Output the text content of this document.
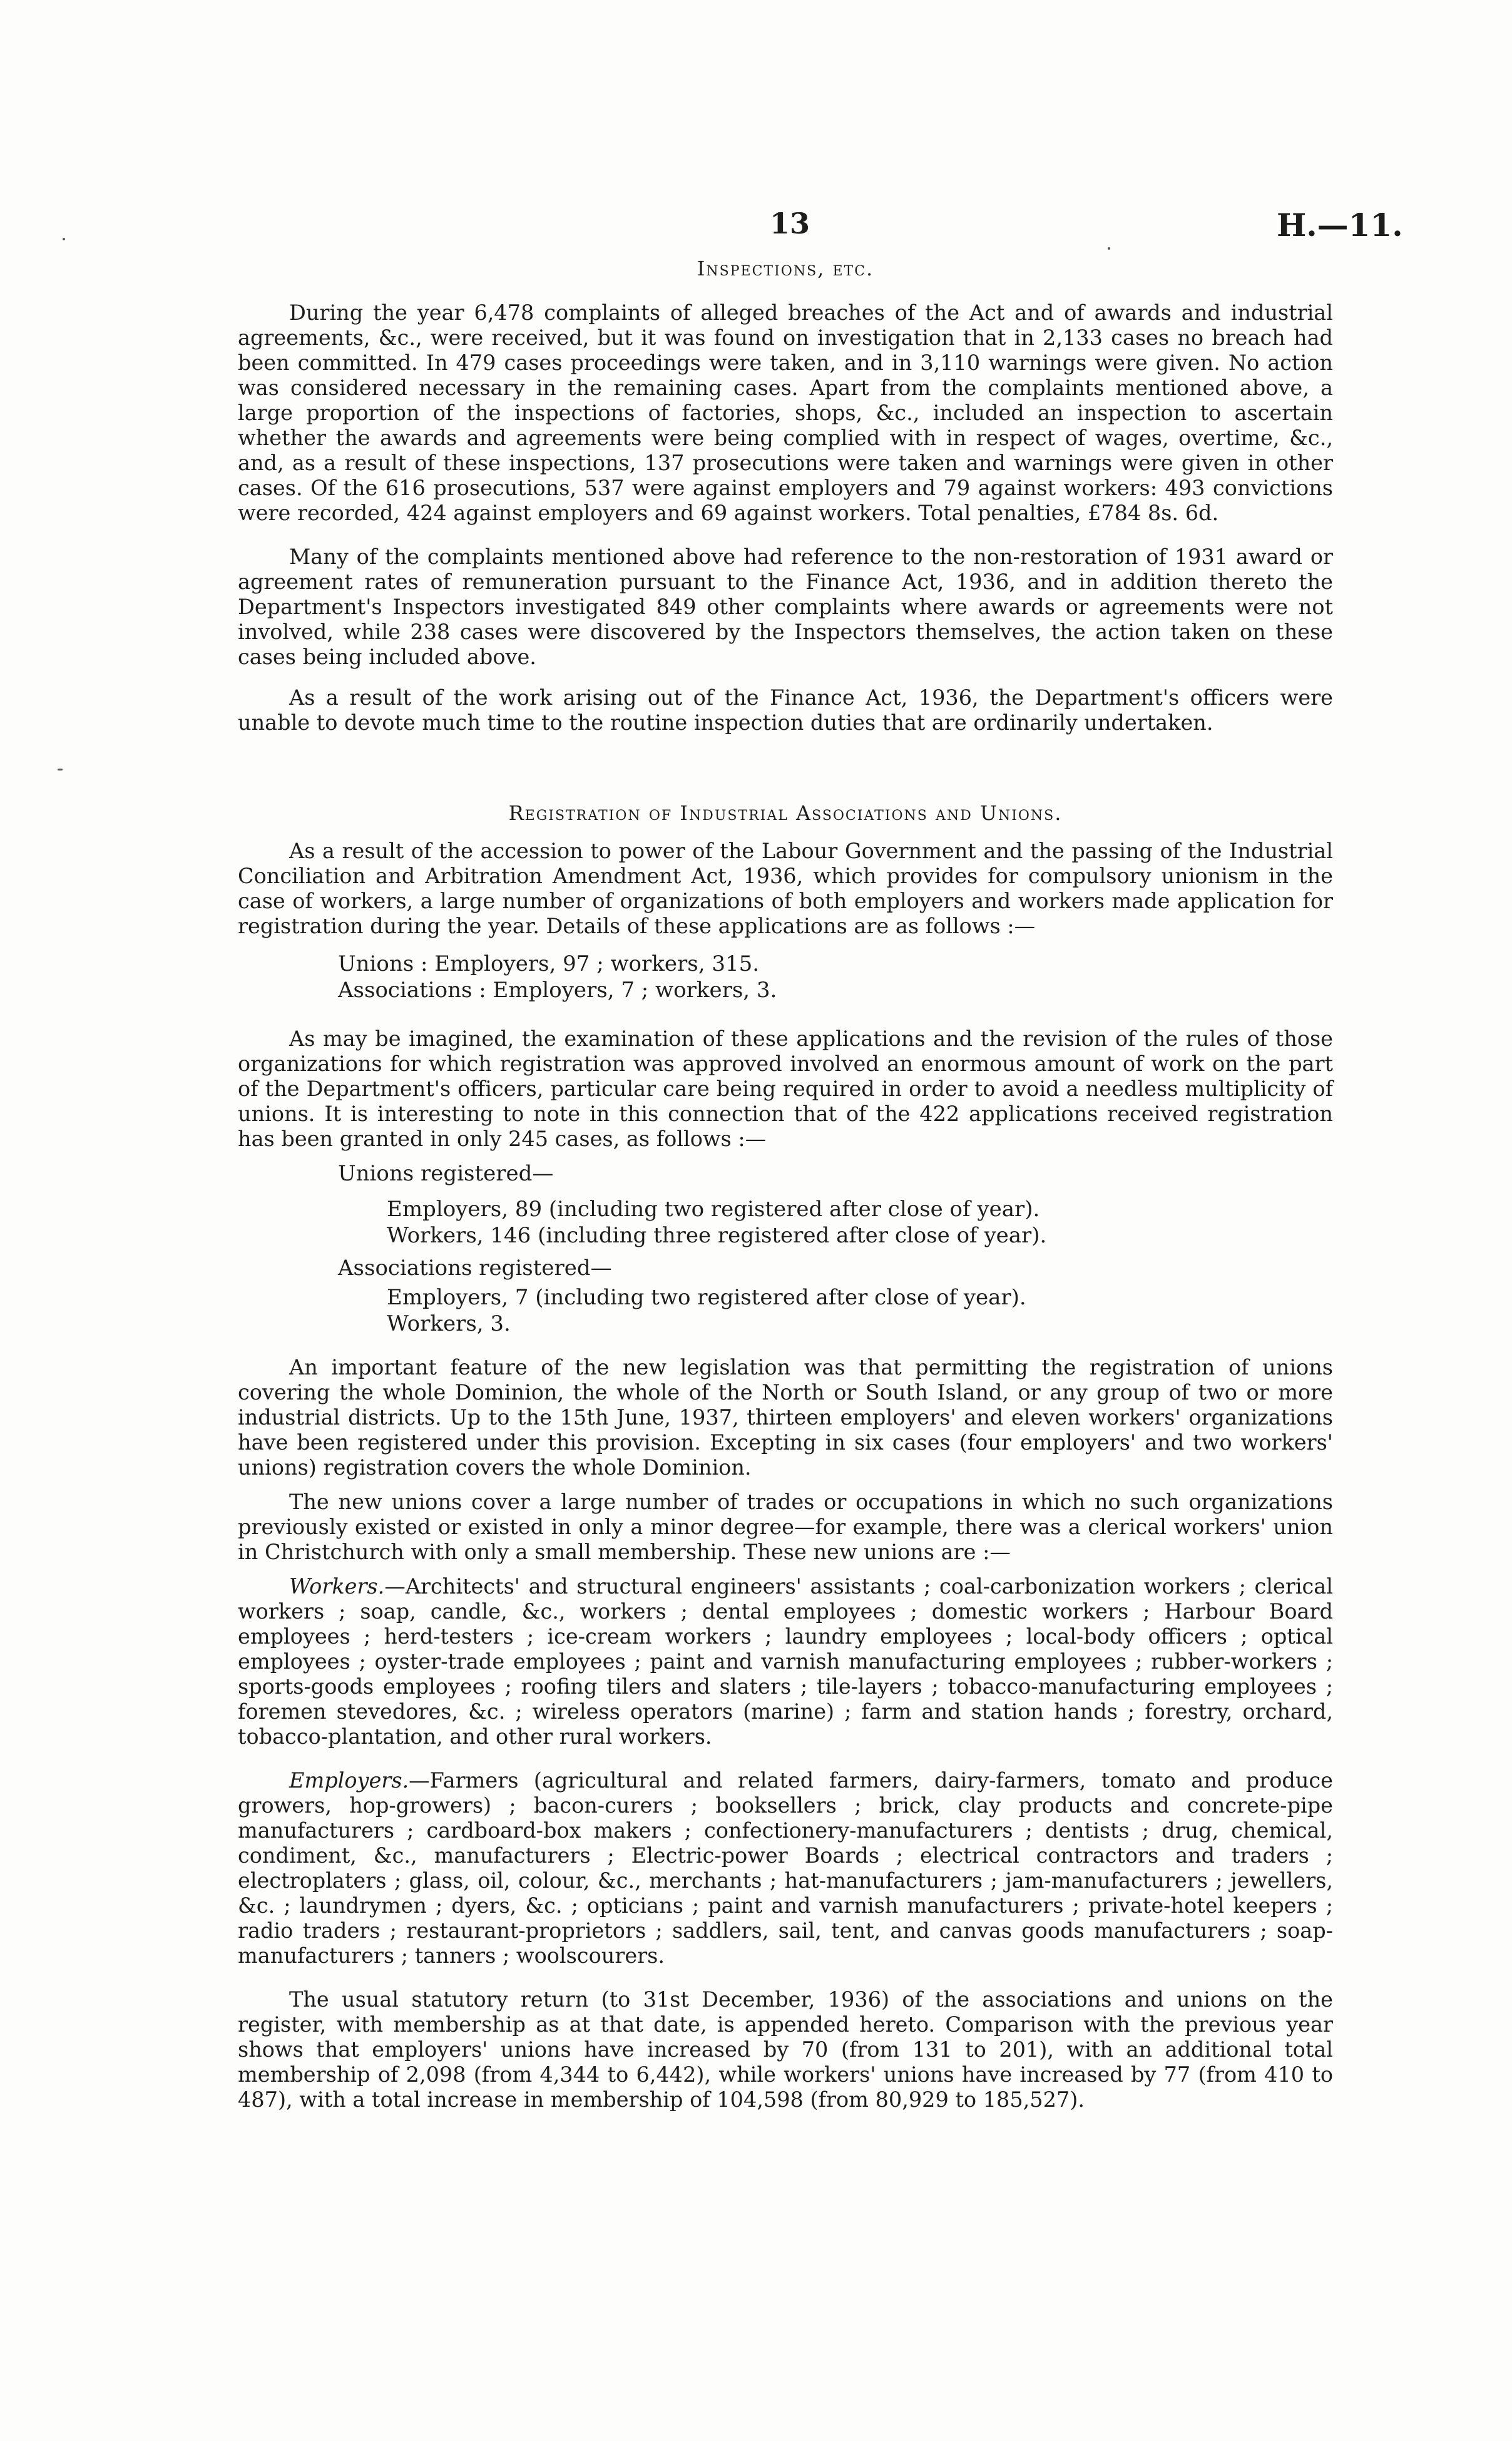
13	H.—11.
Inspections, etc.

During the year 6,478 complaints of alleged breaches of the Act and of awards and industrial agreements, &c., were received, but it was found on investigation that in 2,133 cases no breach had been committed. In 479 cases proceedings were taken, and in 3,110 warnings were given. No action was considered necessary in the remaining cases. Apart from the complaints mentioned above, a large proportion of the inspections of factories, shops, &c., included an inspection to ascertain whether the awards and agreements were being complied with in respect of wages, overtime, &c., and, as a result of these inspections, 137 prosecutions were taken and warnings were given in other cases. Of the 616 prosecutions, 537 were against employers and 79 against workers: 493 convictions were recorded, 424 against employers and 69 against workers. Total penalties, £784 8s. 6d.

Many of the complaints mentioned above had reference to the non-restoration of 1931 award or agreement rates of remuneration pursuant to the Finance Act, 1936, and in addition thereto the Department's Inspectors investigated 849 other complaints where awards or agreements were not involved, while 238 cases were discovered by the Inspectors themselves, the action taken on these cases being included above.

As a result of the work arising out of the Finance Act, 1936, the Department's officers were unable to devote much time to the routine inspection duties that are ordinarily undertaken.

Registration of Industrial Associations and Unions.

As a result of the accession to power of the Labour Government and the passing of the Industrial Conciliation and Arbitration Amendment Act, 1936, which provides for compulsory unionism in the case of workers, a large number of organizations of both employers and workers made application for registration during the year. Details of these applications are as follows :—

Unions : Employers, 97 ; workers, 315.

Associations : Employers, 7 ; workers, 3.

As may be imagined, the examination of these applications and the revision of the rules of those organizations for which registration was approved involved an enormous amount of work on the part of the Department's officers, particular care being required in order to avoid a needless multiplicity of unions. It is interesting to note in this connection that of the 422 applications received registration has been granted in only 245 cases, as follows :—

Unions registered—

Employers, 89 (including two registered after close of year).

Workers, 146 (including three registered after close of year).

Associations registered—

Employers, 7 (including two registered after close of year).

Workers, 3.

An important feature of the new legislation was that permitting the registration of unions covering the whole Dominion, the whole of the North or South Island, or any group of two or more industrial districts. Up to the 15th June, 1937, thirteen employers' and eleven workers' organizations have been registered under this provision. Excepting in six cases (four employers' and two workers' unions) registration covers the whole Dominion.

The new unions cover a large number of trades or occupations in which no such organizations previously existed or existed in only a minor degree—for example, there was a clerical workers' union in Christchurch with only a small membership. These new unions are :—

Workers.—Architects' and structural engineers' assistants ; coal-carbonization workers ; clerical workers ; soap, candle, &c., workers ; dental employees ; domestic workers ; Harbour Board employees ; herd-testers ; ice-cream workers ; laundry employees ; local-body officers ; optical employees ; oyster-trade employees ; paint and varnish manufacturing employees ; rubber-workers ; sports-goods employees ; roofing tilers and slaters ; tile-layers ; tobacco-manufacturing employees ; foremen stevedores, &c. ; wireless operators (marine) ; farm and station hands ; forestry, orchard, tobacco-plantation, and other rural workers.

Employers.—Farmers (agricultural and related farmers, dairy-farmers, tomato and produce growers, hop-growers) ; bacon-curers ; booksellers ; brick, clay products and concrete-pipe manufacturers ; cardboard-box makers ; confectionery-manufacturers ; dentists ; drug, chemical, condiment, &c., manufacturers ; Electric-power Boards ; electrical contractors and traders ; electroplaters ; glass, oil, colour, &c., merchants ; hat-manufacturers ; jam-manufacturers ; jewellers, &c. ; laundrymen ; dyers, &c. ; opticians ; paint and varnish manufacturers ; private-hotel keepers ; radio traders ; restaurant-proprietors ; saddlers, sail, tent, and canvas goods manufacturers ; soap-manufacturers ; tanners ; woolscourers.

The usual statutory return (to 31st December, 1936) of the associations and unions on the register, with membership as at that date, is appended hereto. Comparison with the previous year shows that employers' unions have increased by 70 (from 131 to 201), with an additional total membership of 2,098 (from 4,344 to 6,442), while workers' unions have increased by 77 (from 410 to 487), with a total increase in membership of 104,598 (from 80,929 to 185,527).
